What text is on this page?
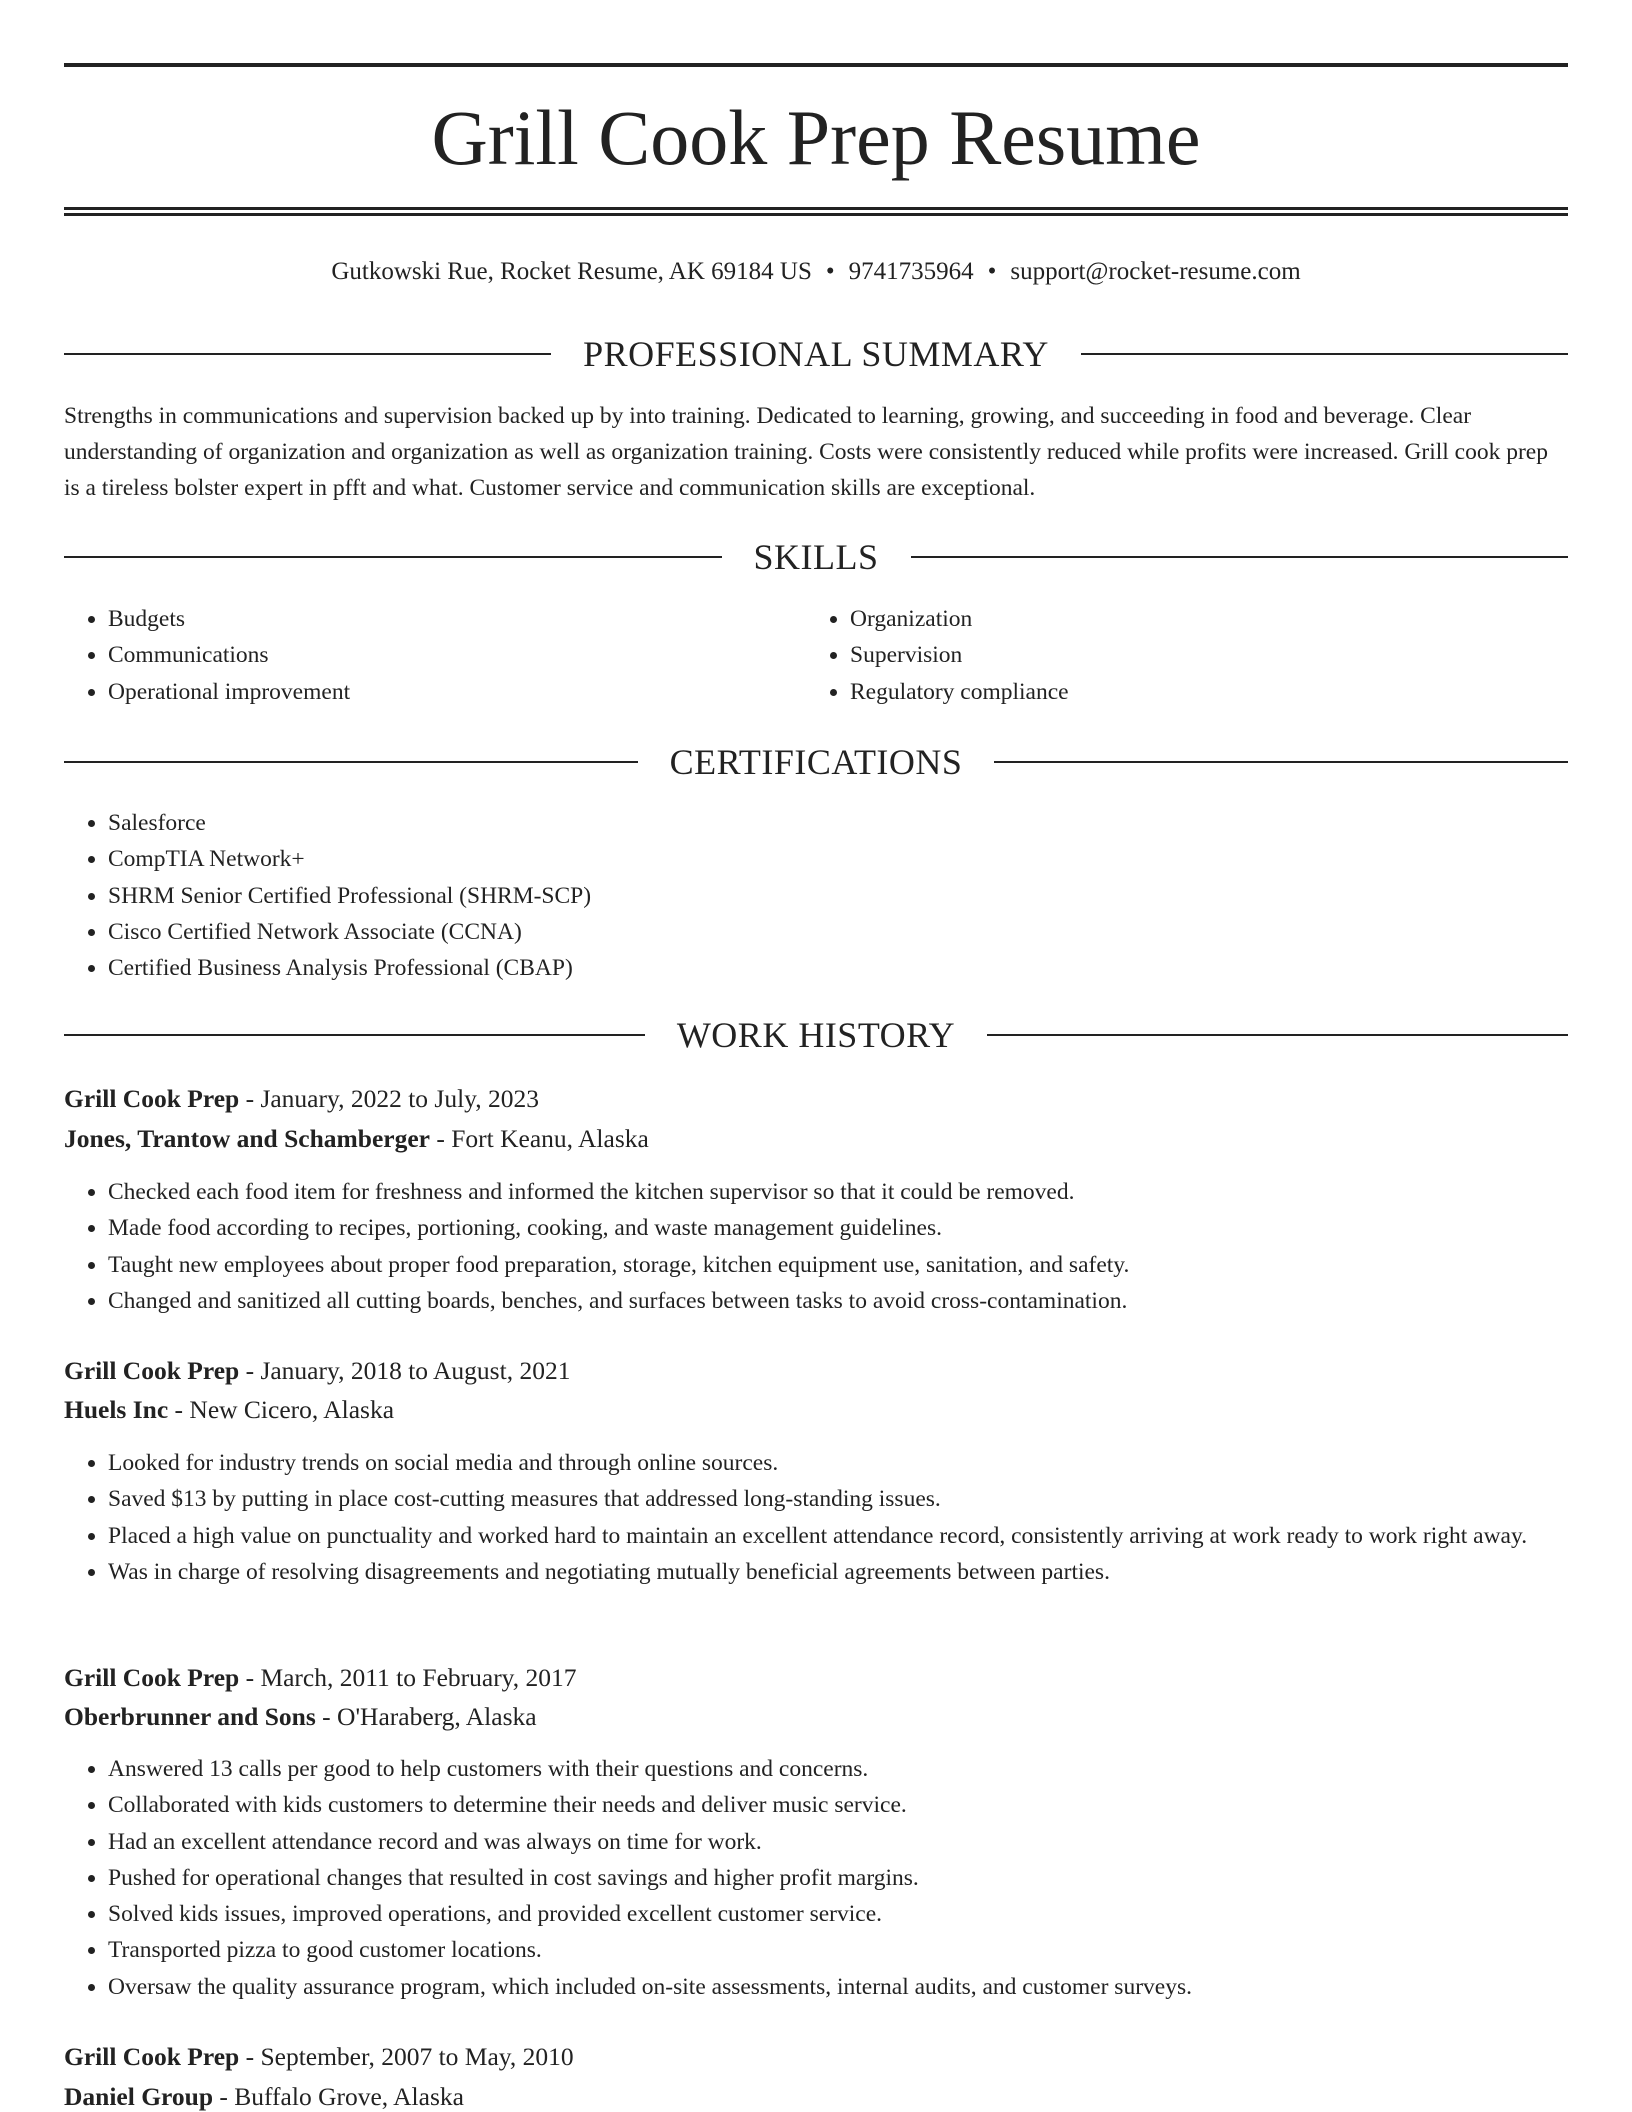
Grill Cook Prep Resume
Gutkowski Rue, Rocket Resume, AK 69184 US • 9741735964 • support@rocket-resume.com
PROFESSIONAL SUMMARY

Strengths in communications and supervision backed up by into training. Dedicated to learning, growing, and succeeding in food and beverage. Clear understanding of organization and organization as well as organization training. Costs were consistently reduced while profits were increased. Grill cook prep is a tireless bolster expert in pfft and what. Customer service and communication skills are exceptional.

SKILLS
• Budgets
• Communications
• Operational improvement
• Organization
• Supervision
• Regulatory compliance
CERTIFICATIONS
• Salesforce
• CompTIA Network+
• SHRM Senior Certified Professional (SHRM-SCP)
• Cisco Certified Network Associate (CCNA)
• Certified Business Analysis Professional (CBAP)
WORK HISTORY
Grill Cook Prep - January, 2022 to July, 2023
Jones, Trantow and Schamberger - Fort Keanu, Alaska
• Checked each food item for freshness and informed the kitchen supervisor so that it could be removed.
• Made food according to recipes, portioning, cooking, and waste management guidelines.
• Taught new employees about proper food preparation, storage, kitchen equipment use, sanitation, and safety.
• Changed and sanitized all cutting boards, benches, and surfaces between tasks to avoid cross-contamination.
Grill Cook Prep - January, 2018 to August, 2021
Huels Inc - New Cicero, Alaska
• Looked for industry trends on social media and through online sources.
• Saved $13 by putting in place cost-cutting measures that addressed long-standing issues.
• Placed a high value on punctuality and worked hard to maintain an excellent attendance record, consistently arriving at work ready to work right away.
• Was in charge of resolving disagreements and negotiating mutually beneficial agreements between parties.
Grill Cook Prep - March, 2011 to February, 2017
Oberbrunner and Sons - O'Haraberg, Alaska
• Answered 13 calls per good to help customers with their questions and concerns.
• Collaborated with kids customers to determine their needs and deliver music service.
• Had an excellent attendance record and was always on time for work.
• Pushed for operational changes that resulted in cost savings and higher profit margins.
• Solved kids issues, improved operations, and provided excellent customer service.
• Transported pizza to good customer locations.
• Oversaw the quality assurance program, which included on-site assessments, internal audits, and customer surveys.
Grill Cook Prep - September, 2007 to May, 2010
Daniel Group - Buffalo Grove, Alaska
